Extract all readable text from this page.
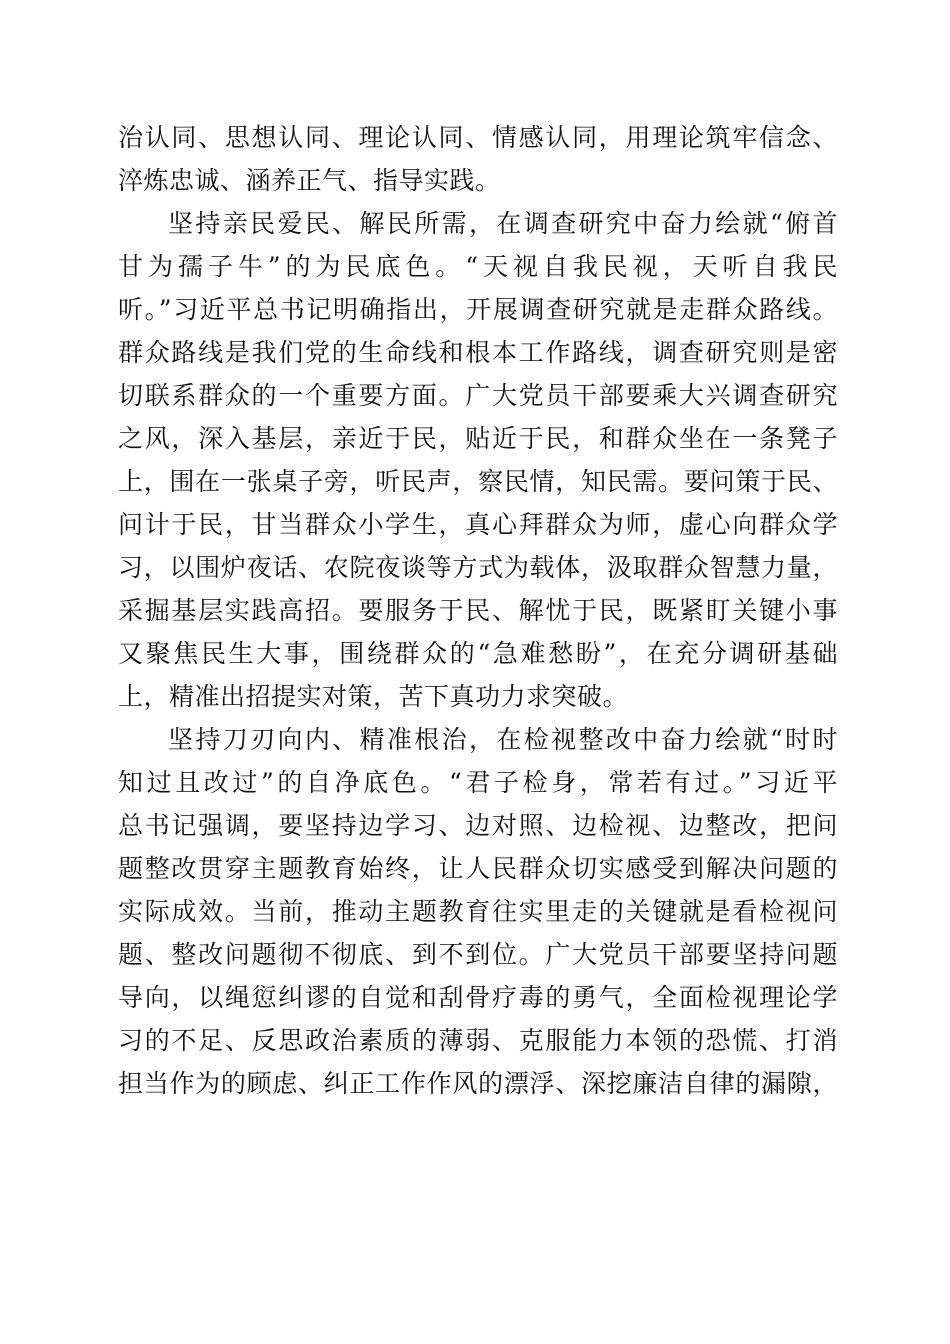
治认同、思想认同、理论认同、情感认同，用理论筑牢信念、
淬炼忠诚、涵养正气、指导实践。
坚持亲民爱民、解民所需，在调查研究中奋力绘就“俯首
甘为孺子牛”的为民底色。“天视自我民视，天听自我民
听。”习近平总书记明确指出，开展调查研究就是走群众路线。
群众路线是我们党的生命线和根本工作路线，调查研究则是密
切联系群众的一个重要方面。广大党员干部要乘大兴调查研究
之风，深入基层，亲近于民，贴近于民，和群众坐在一条凳子
上，围在一张桌子旁，听民声，察民情，知民需。要问策于民、
问计于民，甘当群众小学生，真心拜群众为师，虚心向群众学
习，以围炉夜话、农院夜谈等方式为载体，汲取群众智慧力量，
采掘基层实践高招。要服务于民、解忧于民，既紧盯关键小事
又聚焦民生大事，围绕群众的“急难愁盼”，在充分调研基础
上，精准出招提实对策，苦下真功力求突破。
坚持刀刃向内、精准根治，在检视整改中奋力绘就“时时
知过且改过”的自净底色。“君子检身，常若有过。”习近平
总书记强调，要坚持边学习、边对照、边检视、边整改，把问
题整改贯穿主题教育始终，让人民群众切实感受到解决问题的
实际成效。当前，推动主题教育往实里走的关键就是看检视问
题、整改问题彻不彻底、到不到位。广大党员干部要坚持问题
导向，以绳愆纠谬的自觉和刮骨疗毒的勇气，全面检视理论学
习的不足、反思政治素质的薄弱、克服能力本领的恐慌、打消
担当作为的顾虑、纠正工作作风的漂浮、深挖廉洁自律的漏隙，
